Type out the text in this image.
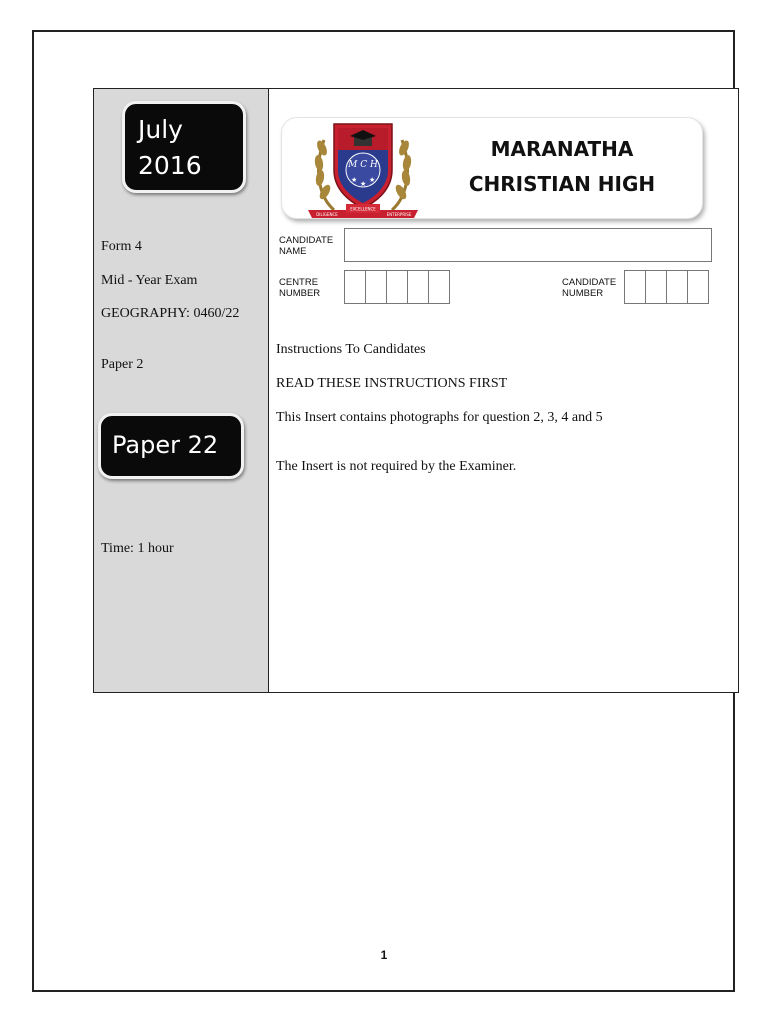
July
2016
Form 4
Mid - Year Exam
GEOGRAPHY: 0460/22
Paper 2
Paper 22
Time: 1 hour
M C H
★ ★ ★
DILIGENCE
EXCELLENCE
ENTERPRISE
MARANATHA
CHRISTIAN HIGH
CANDIDATE
NAME
CENTRE
NUMBER
CANDIDATE
NUMBER
Instructions To Candidates
READ THESE INSTRUCTIONS FIRST
This Insert contains photographs for question 2, 3, 4 and 5
The Insert is not required by the Examiner.
1
